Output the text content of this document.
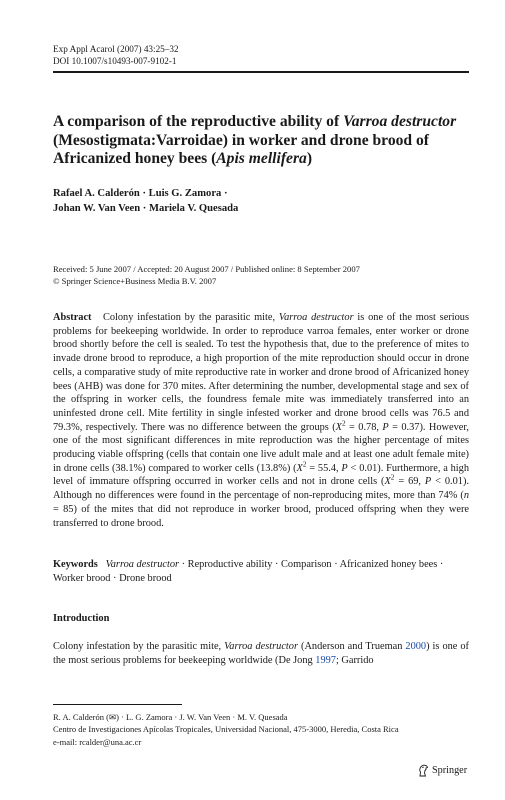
Exp Appl Acarol (2007) 43:25–32
DOI 10.1007/s10493-007-9102-1
A comparison of the reproductive ability of Varroa destructor (Mesostigmata:Varroidae) in worker and drone brood of Africanized honey bees (Apis mellifera)
Rafael A. Calderón · Luis G. Zamora ·
Johan W. Van Veen · Mariela V. Quesada
Received: 5 June 2007 / Accepted: 20 August 2007 / Published online: 8 September 2007
© Springer Science+Business Media B.V. 2007
Abstract Colony infestation by the parasitic mite, Varroa destructor is one of the most serious problems for beekeeping worldwide. In order to reproduce varroa females, enter worker or drone brood shortly before the cell is sealed. To test the hypothesis that, due to the preference of mites to invade drone brood to reproduce, a high proportion of the mite reproduction should occur in drone cells, a comparative study of mite reproductive rate in worker and drone brood of Africanized honey bees (AHB) was done for 370 mites. After determining the number, developmental stage and sex of the offspring in worker cells, the foundress female mite was immediately transferred into an uninfested drone cell. Mite fertility in single infested worker and drone brood cells was 76.5 and 79.3%, respectively. There was no difference between the groups ($X^2 = 0.78$, P = 0.37). However, one of the most significant differences in mite reproduction was the higher percentage of mites producing viable offspring (cells that contain one live adult male and at least one adult female mite) in drone cells (38.1%) compared to worker cells (13.8%) ($X^2 = 55.4$, P < 0.01). Furthermore, a high level of immature offspring occurred in worker cells and not in drone cells ($X^2 = 69$, P < 0.01). Although no differences were found in the percentage of non-reproducing mites, more than 74% (n = 85) of the mites that did not reproduce in worker brood, produced offspring when they were transferred to drone brood.
Keywords Varroa destructor · Reproductive ability · Comparison · Africanized honey bees · Worker brood · Drone brood
Introduction
Colony infestation by the parasitic mite, Varroa destructor (Anderson and Trueman 2000) is one of the most serious problems for beekeeping worldwide (De Jong 1997; Garrido
R. A. Calderón (✉) · L. G. Zamora · J. W. Van Veen · M. V. Quesada
Centro de Investigaciones Apícolas Tropicales, Universidad Nacional, 475-3000, Heredia, Costa Rica
e-mail: rcalder@una.ac.cr
Springer
